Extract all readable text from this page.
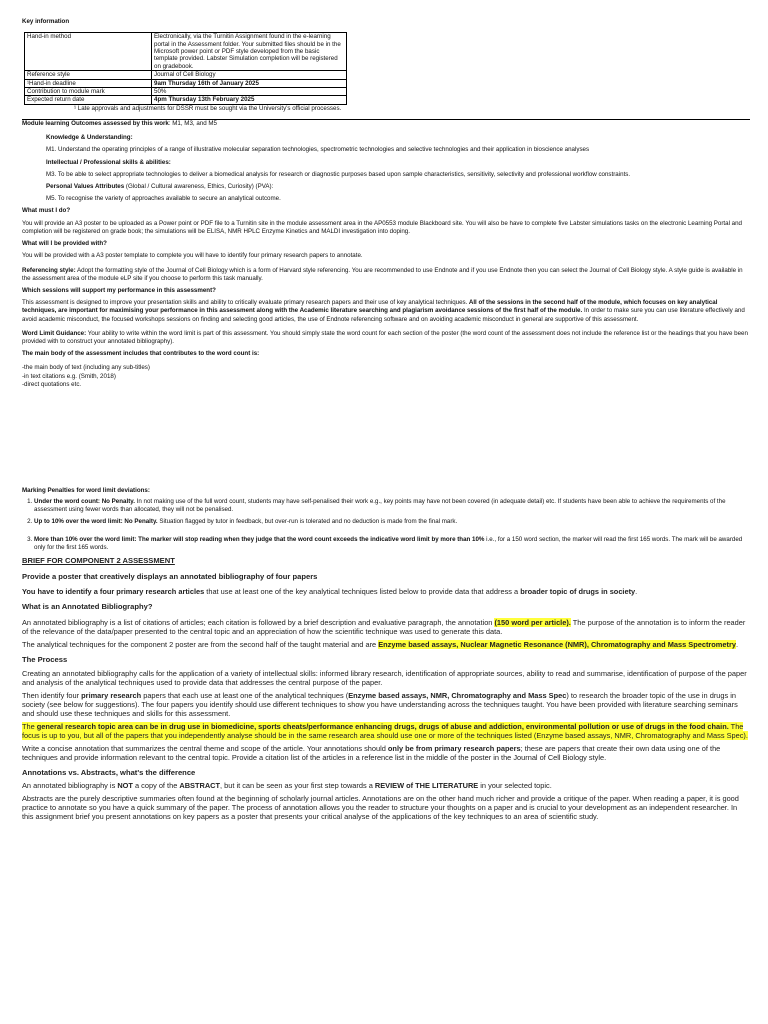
Key information
Hand-in method	Electronically, via the Turnitin Assignment found in the e-learning portal in the Assessment folder. Your submitted files should be in the Microsoft power point or PDF style developed from the basic template provided. Labster Simulation completion will be registered on gradebook.
Reference style	Journal of Cell Biology
¹Hand-in deadline	9am Thursday 16th of January 2025
Contribution to module mark	50%
Expected return date	4pm Thursday 13th February 2025
¹ Late approvals and adjustments for DSSR must be sought via the University's official processes.

Module learning Outcomes assessed by this work: M1, M3, and M5

Knowledge & Understanding:

M1. Understand the operating principles of a range of illustrative molecular separation technologies, spectrometric technologies and selective technologies and their application in bioscience analyses

Intellectual / Professional skills & abilities:

M3. To be able to select appropriate technologies to deliver a biomedical analysis for research or diagnostic purposes based upon sample characteristics, sensitivity, selectivity and professional workflow constraints.

Personal Values Attributes (Global / Cultural awareness, Ethics, Curiosity) (PVA):

M5. To recognise the variety of approaches available to secure an analytical outcome.

What must I do?

You will provide an A3 poster to be uploaded as a Power point or PDF file to a Turnitin site in the module assessment area in the AP0553 module Blackboard site. You will also be have to complete five Labster simulations tasks on the electronic Learning Portal and completion will be registered on grade book; the simulations will be ELISA, NMR HPLC Enzyme Kinetics and MALDI investigation into doping.

What will I be provided with?

You will be provided with a A3 poster template to complete you will have to identify four primary research papers to annotate.

Referencing style: Adopt the formatting style of the Journal of Cell Biology which is a form of Harvard style referencing. You are recommended to use Endnote and if you use Endnote then you can select the Journal of Cell Biology style. A style guide is available in the assessment area of the module eLP site if you choose to perform this task manually.

Which sessions will support my performance in this assessment?

This assessment is designed to improve your presentation skills and ability to critically evaluate primary research papers and their use of key analytical techniques. All of the sessions in the second half of the module, which focuses on key analytical techniques, are important for maximising your performance in this assessment along with the Academic literature searching and plagiarism avoidance sessions of the first half of the module. In order to make sure you can use literature effectively and avoid academic misconduct, the focused workshops sessions on finding and selecting good articles, the use of Endnote referencing software and on avoiding academic misconduct in general are supportive of this assessment.

Word Limit Guidance: Your ability to write within the word limit is part of this assessment. You should simply state the word count for each section of the poster (the word count of the assessment does not include the reference list or the headings that you have been provided with to construct your annotated bibliography).

The main body of the assessment includes that contributes to the word count is:

-the main body of text (including any sub-titles)

-in text citations e.g. (Smith, 2018)

-direct quotations etc.

Marking Penalties for word limit deviations:

1. Under the word count: No Penalty. In not making use of the full word count, students may have self-penalised their work e.g., key points may have not been covered (in adequate detail) etc. If students have been able to achieve the requirements of the assessment using fewer words than allocated, they will not be penalised.
2. Up to 10% over the word limit: No Penalty. Situation flagged by tutor in feedback, but over-run is tolerated and no deduction is made from the final mark.
3. More than 10% over the word limit: The marker will stop reading when they judge that the word count exceeds the indicative word limit by more than 10% i.e., for a 150 word section, the marker will read the first 165 words. The mark will be awarded only for the first 165 words.

BRIEF FOR COMPONENT 2 ASSESSMENT

Provide a poster that creatively displays an annotated bibliography of four papers

You have to identify a four primary research articles that use at least one of the key analytical techniques listed below to provide data that address a broader topic of drugs in society.

What is an Annotated Bibliography?

An annotated bibliography is a list of citations of articles; each citation is followed by a brief description and evaluative paragraph, the annotation (150 word per article). The purpose of the annotation is to inform the reader of the relevance of the data/paper presented to the central topic and an appreciation of how the scientific technique was used to generate this data.

The analytical techniques for the component 2 poster are from the second half of the taught material and are Enzyme based assays, Nuclear Magnetic Resonance (NMR), Chromatography and Mass Spectrometry.

The Process

Creating an annotated bibliography calls for the application of a variety of intellectual skills: informed library research, identification of appropriate sources, ability to read and summarise, identification of purpose of the paper and analysis of the analytical techniques used to provide data that addresses the central purpose of the paper.

Then identify four primary research papers that each use at least one of the analytical techniques (Enzyme based assays, NMR, Chromatography and Mass Spec) to research the broader topic of the use in drugs in society (see below for suggestions). The four papers you identify should use different techniques to show you have understanding across the techniques taught. You have been provided with literature searching seminars and should use these techniques and skills for this assessment.

The general research topic area can be in drug use in biomedicine, sports cheats/performance enhancing drugs, drugs of abuse and addiction, environmental pollution or use of drugs in the food chain. The focus is up to you, but all of the papers that you independently analyse should be in the same research area should use one or more of the techniques listed (Enzyme based assays, NMR, Chromatography and Mass Spec).

Write a concise annotation that summarizes the central theme and scope of the article. Your annotations should only be from primary research papers; these are papers that create their own data using one of the techniques and provide information relevant to the central topic. Provide a citation list of the articles in a reference list in the middle of the poster in the Journal of Cell Biology style.

Annotations vs. Abstracts, what's the difference

An annotated bibliography is NOT a copy of the ABSTRACT, but it can be seen as your first step towards a REVIEW of THE LITERATURE in your selected topic.

Abstracts are the purely descriptive summaries often found at the beginning of scholarly journal articles. Annotations are on the other hand much richer and provide a critique of the paper. When reading a paper, it is good practice to annotate so you have a quick summary of the paper. The process of annotation allows you the reader to structure your thoughts on a paper and is crucial to your development as an independent researcher. In this assignment brief you present annotations on key papers as a poster that presents your critical analyse of the applications of the key techniques to an area of scientific study.
